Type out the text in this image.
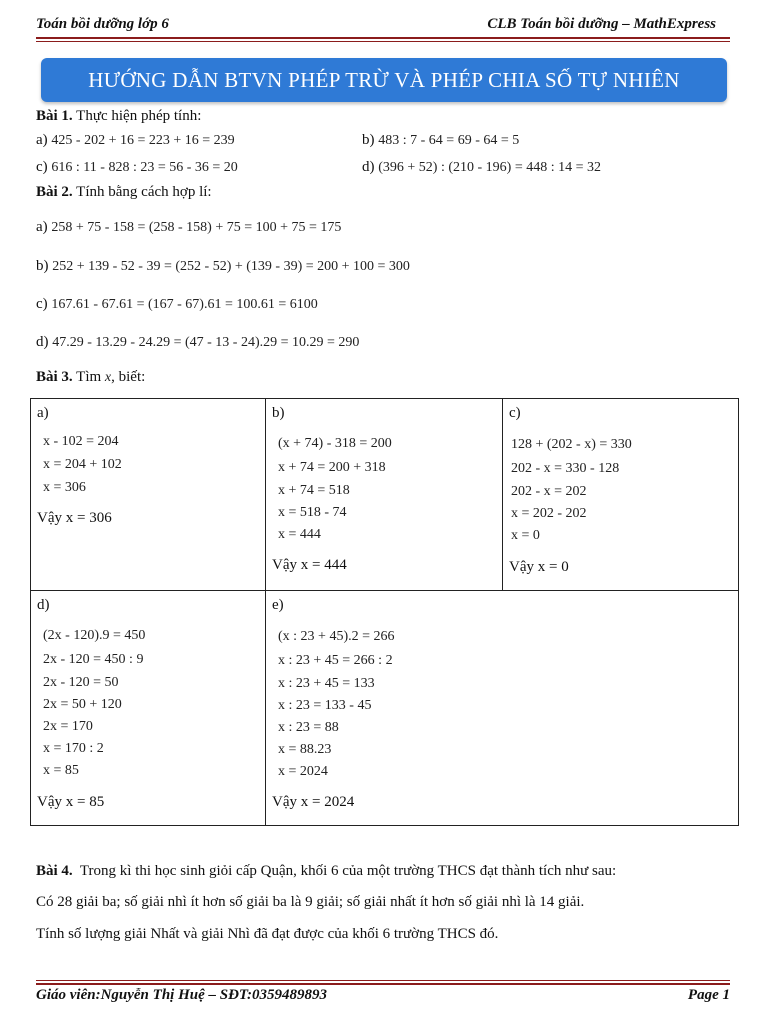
Toán bồi dưỡng lớp 6	CLB Toán bồi dưỡng – MathExpress
HƯỚNG DẪN BTVN PHÉP TRỪ VÀ PHÉP CHIA SỐ TỰ NHIÊN
Bài 1. Thực hiện phép tính:
a) 425 - 202 + 16 = 223 + 16 = 239	b) 483 : 7 - 64 = 69 - 64 = 5
c) 616 : 11 - 828 : 23 = 56 - 36 = 20	d) (396 + 52) : (210 - 196) = 448 : 14 = 32
Bài 2. Tính bằng cách hợp lí:
a) 258 + 75 - 158 = (258 - 158) + 75 = 100 + 75 = 175
b) 252 + 139 - 52 - 39 = (252 - 52) + (139 - 39) = 200 + 100 = 300
c) 167.61 - 67.61 = (167 - 67).61 = 100.61 = 6100
d) 47.29 - 13.29 - 24.29 = (47 - 13 - 24).29 = 10.29 = 290
Bài 3. Tìm x, biết:
a)
x - 102 = 204
x = 204 + 102
x = 306
Vậy x = 306
b)
(x + 74) - 318 = 200
x + 74 = 200 + 318
x + 74 = 518
x = 518 - 74
x = 444
Vậy x = 444
c)
128 + (202 - x) = 330
202 - x = 330 - 128
202 - x = 202
x = 202 - 202
x = 0
Vậy x = 0
d)
(2x - 120).9 = 450
2x - 120 = 450 : 9
2x - 120 = 50
2x = 50 + 120
2x = 170
x = 170 : 2
x = 85
Vậy x = 85
e)
(x : 23 + 45).2 = 266
x : 23 + 45 = 266 : 2
x : 23 + 45 = 133
x : 23 = 133 - 45
x : 23 = 88
x = 88.23
x = 2024
Vậy x = 2024
Bài 4. Trong kì thi học sinh giỏi cấp Quận, khối 6 của một trường THCS đạt thành tích như sau:
Có 28 giải ba; số giải nhì ít hơn số giải ba là 9 giải; số giải nhất ít hơn số giải nhì là 14 giải.
Tính số lượng giải Nhất và giải Nhì đã đạt được của khối 6 trường THCS đó.
Giáo viên:Nguyễn Thị Huệ – SĐT:0359489893	Page 1
